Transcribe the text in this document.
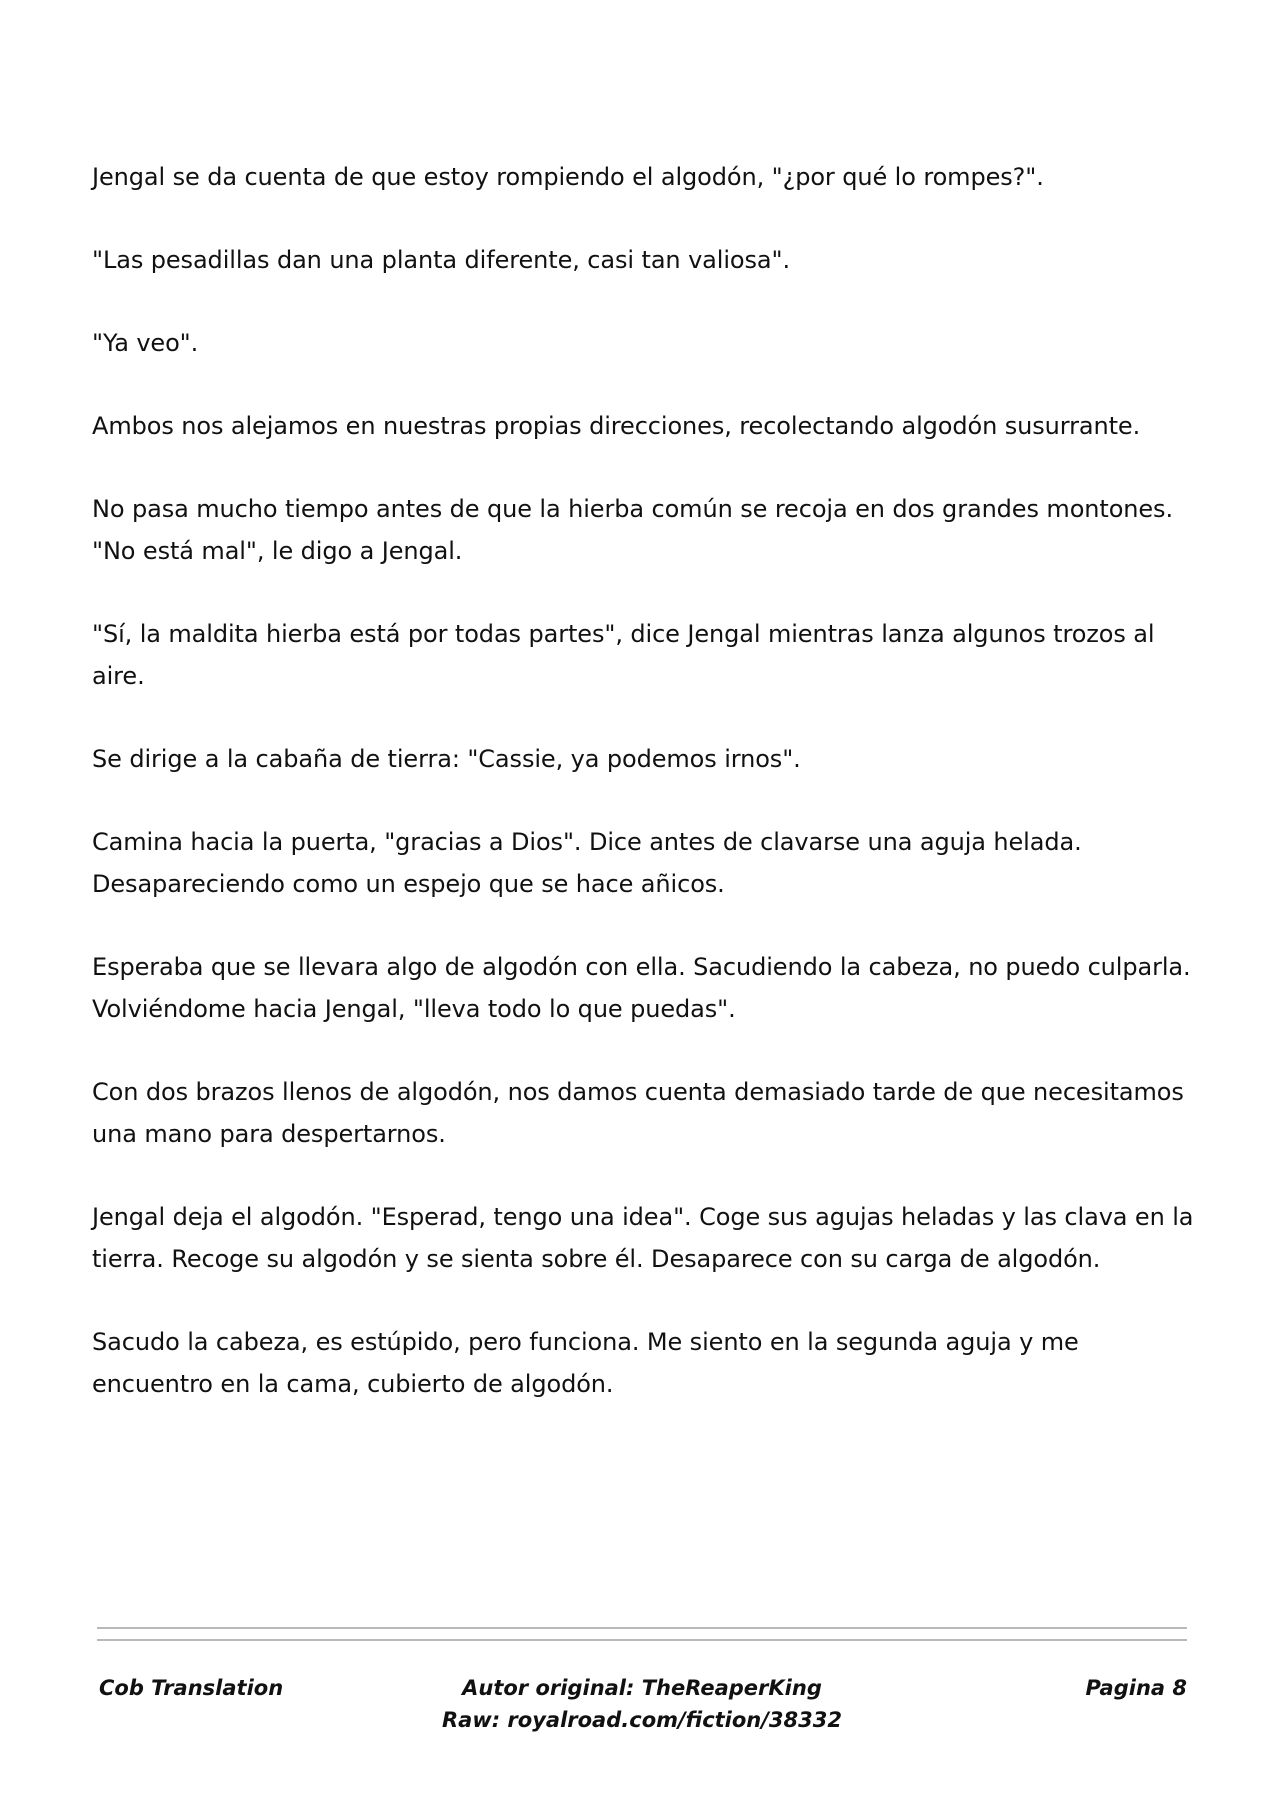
Jengal se da cuenta de que estoy rompiendo el algodón, "¿por qué lo rompes?".

"Las pesadillas dan una planta diferente, casi tan valiosa".

"Ya veo".

Ambos nos alejamos en nuestras propias direcciones, recolectando algodón susurrante.

No pasa mucho tiempo antes de que la hierba común se recoja en dos grandes montones. "No está mal", le digo a Jengal.

"Sí, la maldita hierba está por todas partes", dice Jengal mientras lanza algunos trozos al aire.

Se dirige a la cabaña de tierra: "Cassie, ya podemos irnos".

Camina hacia la puerta, "gracias a Dios". Dice antes de clavarse una aguja helada. Desapareciendo como un espejo que se hace añicos.

Esperaba que se llevara algo de algodón con ella. Sacudiendo la cabeza, no puedo culparla. Volviéndome hacia Jengal, "lleva todo lo que puedas".

Con dos brazos llenos de algodón, nos damos cuenta demasiado tarde de que necesitamos una mano para despertarnos.

Jengal deja el algodón. "Esperad, tengo una idea". Coge sus agujas heladas y las clava en la tierra. Recoge su algodón y se sienta sobre él. Desaparece con su carga de algodón.

Sacudo la cabeza, es estúpido, pero funciona. Me siento en la segunda aguja y me encuentro en la cama, cubierto de algodón.

Cob Translation	Autor original: TheReaperKing
Raw: royalroad.com/fiction/38332
Pagina 8
